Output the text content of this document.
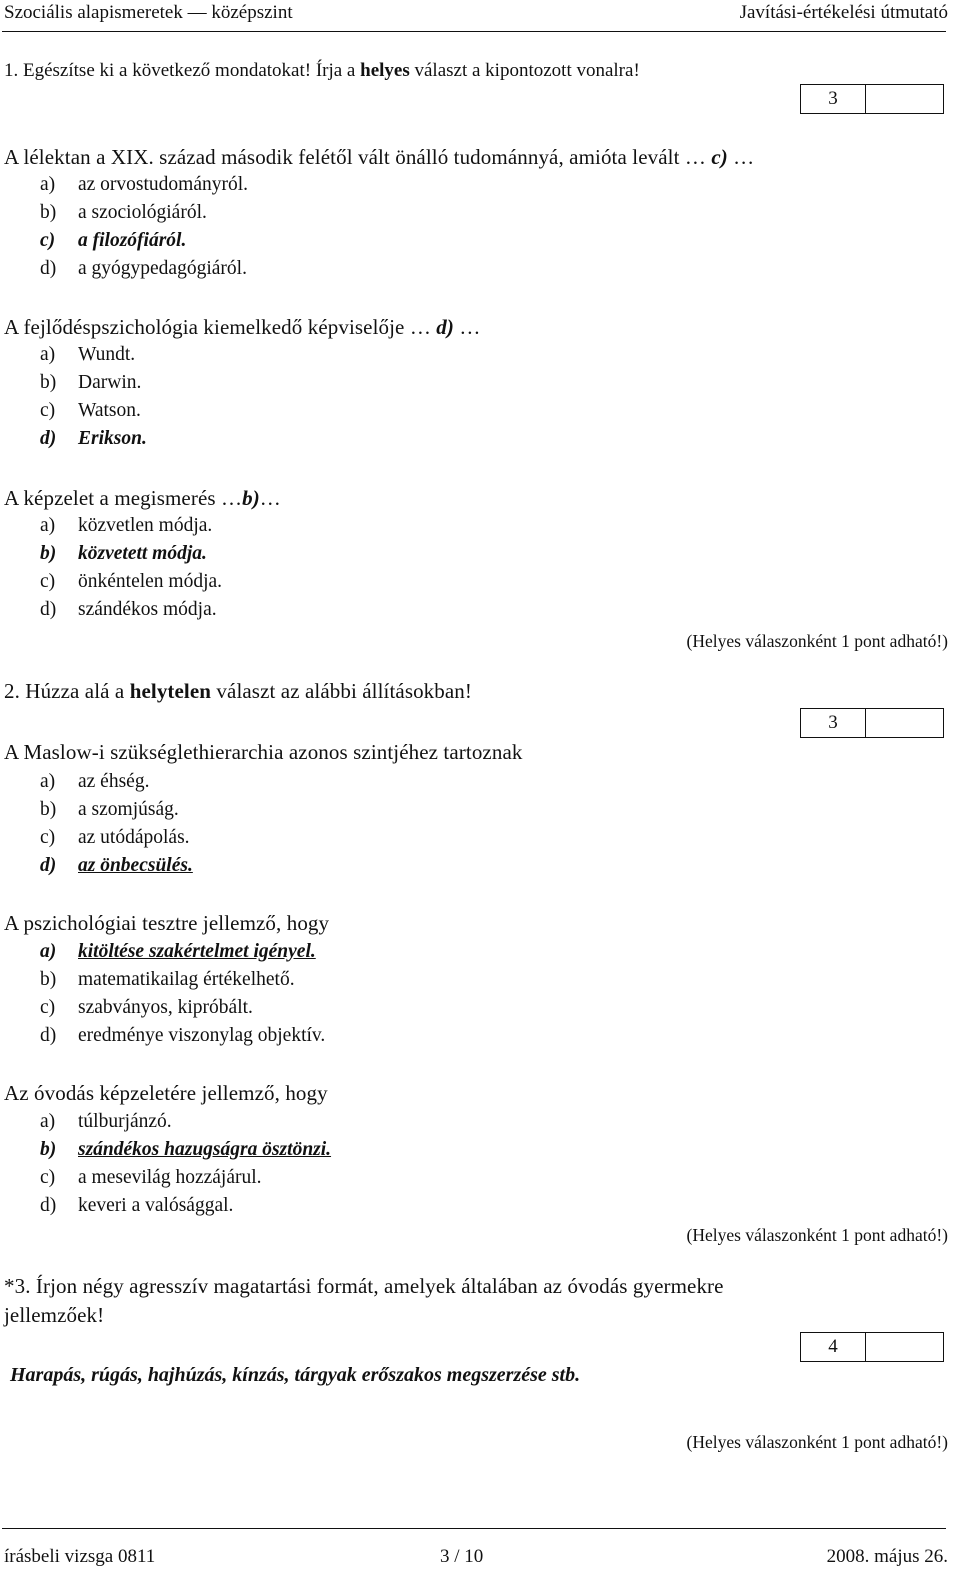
Szociális alapismeretek — középszint	Javítási-értékelési útmutató
1. Egészítse ki a következő mondatokat! Írja a helyes választ a kipontozott vonalra!
3
A lélektan a XIX. század második felétől vált önálló tudománnyá, amióta levált … c) …
a) az orvostudományról.
b) a szociológiáról.
c) a filozófiáról.
d) a gyógypedagógiáról.
A fejlődéspszichológia kiemelkedő képviselője … d) …
a) Wundt.
b) Darwin.
c) Watson.
d) Erikson.
A képzelet a megismerés …b)…
a) közvetlen módja.
b) közvetett módja.
c) önkéntelen módja.
d) szándékos módja.
(Helyes válaszonként 1 pont adható!)
2. Húzza alá a helytelen választ az alábbi állításokban!
3
A Maslow-i szükséglethierarchia azonos szintjéhez tartoznak
a) az éhség.
b) a szomjúság.
c) az utódápolás.
d) az önbecsülés.
A pszichológiai tesztre jellemző, hogy
a) kitöltése szakértelmet igényel.
b) matematikailag értékelhető.
c) szabványos, kipróbált.
d) eredménye viszonylag objektív.
Az óvodás képzeletére jellemző, hogy
a) túlburjánzó.
b) szándékos hazugságra ösztönzi.
c) a mesevilág hozzájárul.
d) keveri a valósággal.
(Helyes válaszonként 1 pont adható!)
*3. Írjon négy agresszív magatartási formát, amelyek általában az óvodás gyermekre
jellemzőek!
4
Harapás, rúgás, hajhúzás, kínzás, tárgyak erőszakos megszerzése stb.
(Helyes válaszonként 1 pont adható!)
írásbeli vizsga 0811	3 / 10	2008. május 26.
